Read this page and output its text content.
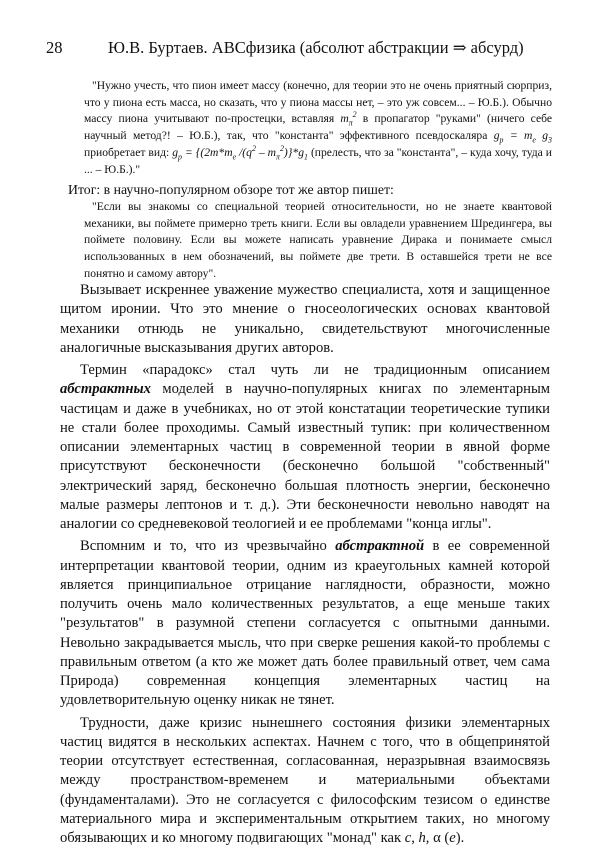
28	Ю.В. Буртаев. АВСфизика (абсолют абстракции ⇒ абсурд)

"Нужно учесть, что пион имеет массу (конечно, для теории это не очень приятный сюрприз, что у пиона есть масса, но сказать, что у пиона массы нет, – это уж совсем... – Ю.Б.). Обычно массу пиона учитывают по-простецки, вставляя $m_\pi^2$ в пропагатор "руками" (ничего себе научный метод?! – Ю.Б.), так, что "константа" эффективного псевдоскаляра $g_p = m_e$ $g_3$ приобретает вид: $g_p = \{(2m*m_e$ $/(q^2 - m_\pi^2)\}*g_1$ (прелесть, что за "константа", – куда хочу, туда и ... – Ю.Б.)."

Итог: в научно-популярном обзоре тот же автор пишет:

"Если вы знакомы со специальной теорией относительности, но не знаете квантовой механики, вы поймете примерно треть книги. Если вы овладели уравнением Шредингера, вы поймете половину. Если вы можете написать уравнение Дирака и понимаете смысл использованных в нем обозначений, вы поймете две трети. В оставшейся трети не все понятно и самому автору".

Вызывает искреннее уважение мужество специалиста, хотя и защищенное щитом иронии. Что это мнение о гносеологических основах квантовой механики отнюдь не уникально, свидетельствуют многочисленные аналогичные высказывания других авторов.

Термин «парадокс» стал чуть ли не традиционным описанием абстрактных моделей в научно-популярных книгах по элементарным частицам и даже в учебниках, но от этой констатации теоретические тупики не стали более проходимы. Самый известный тупик: при количественном описании элементарных частиц в современной теории в явной форме присутствуют бесконечности (бесконечно большой "собственный" электрический заряд, бесконечно большая плотность энергии, бесконечно малые размеры лептонов и т. д.). Эти бесконечности невольно наводят на аналогии со средневековой теологией и ее проблемами "конца иглы".

Вспомним и то, что из чрезвычайно абстрактной в ее современной интерпретации квантовой теории, одним из краеугольных камней которой является принципиальное отрицание наглядности, образности, можно получить очень мало количественных результатов, а еще меньше таких "результатов" в разумной степени согласуется с опытными данными. Невольно закрадывается мысль, что при сверке решения какой-то проблемы с правильным ответом (а кто же может дать более правильный ответ, чем сама Природа) современная концепция элементарных частиц на удовлетворительную оценку никак не тянет.

Трудности, даже кризис нынешнего состояния физики элементарных частиц видятся в нескольких аспектах. Начнем с того, что в общепринятой теории отсутствует естественная, согласованная, неразрывная взаимосвязь между пространством-временем и материальными объектами (фундаменталами). Это не согласуется с философским тезисом о единстве материального мира и экспериментальным открытием таких, но многому обязывающих и ко многому подвигающих "монад" как c, h, α (e).
